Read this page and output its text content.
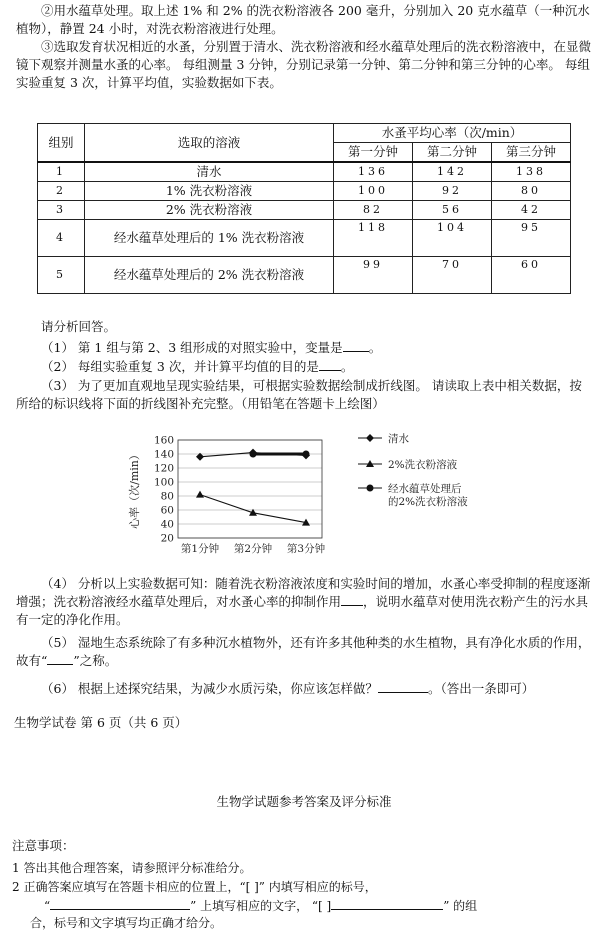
②用水蕴草处理。取上述 1% 和 2% 的洗衣粉溶液各 200 毫升，分别加入 20 克水蕴草（一种沉水植物），静置 24 小时，对洗衣粉溶液进行处理。

③选取发育状况相近的水蚤，分别置于清水、洗衣粉溶液和经水蕴草处理后的洗衣粉溶液中，在显微镜下观察并测量水蚤的心率。 每组测量 3 分钟，分别记录第一分钟、第二分钟和第三分钟的心率。 每组实验重复 3 次，计算平均值，实验数据如下表。

组别	选取的溶液	水蚤平均心率（次/min）		
		第一分钟	第二分钟	第三分钟
1	清水	136	142	138
2	1% 洗衣粉溶液	100	92	80
3	2% 洗衣粉溶液	82	56	42
4	经水蕴草处理后的 1% 洗衣粉溶液	118	104	95
5	经水蕴草处理后的 2% 洗衣粉溶液	99	70	60

请分析回答。

（1） 第 1 组与第 2、3 组形成的对照实验中，变量是 。

（2） 每组实验重复 3 次，并计算平均值的目的是 。

（3） 为了更加直观地呈现实验结果，可根据实验数据绘制成折线图。 请读取上表中相关数据，按所给的标识线将下面的折线图补充完整。（用铅笔在答题卡上绘图）

20
40
60
80
100
120
140
160
第1分钟 第2分钟 第3分钟
心率（次/min）
清水
2%洗衣粉溶液
经水蕴草处理后
的2%洗衣粉溶液

（4） 分析以上实验数据可知：随着洗衣粉溶液浓度和实验时间的增加，水蚤心率受抑制的程度逐渐增强；洗衣粉溶液经水蕴草处理后，对水蚤心率的抑制作用 ，说明水蕴草对使用洗衣粉产生的污水具有一定的净化作用。

（5） 湿地生态系统除了有多种沉水植物外，还有许多其他种类的水生植物，具有净化水质的作用，故有“ ”之称。

（6） 根据上述探究结果，为减少水质污染，你应该怎样做？	。（答出一条即可）

生物学试卷 第 6 页（共 6 页）

生物学试题参考答案及评分标准

注意事项：

1 答出其他合理答案，请参照评分标准给分。

2 正确答案应填写在答题卡相应的位置上，“[ ]” 内填写相应的标号，

“	” 上填写相应的文字， “[ ]	” 的组

合，标号和文字填写均正确才给分。
